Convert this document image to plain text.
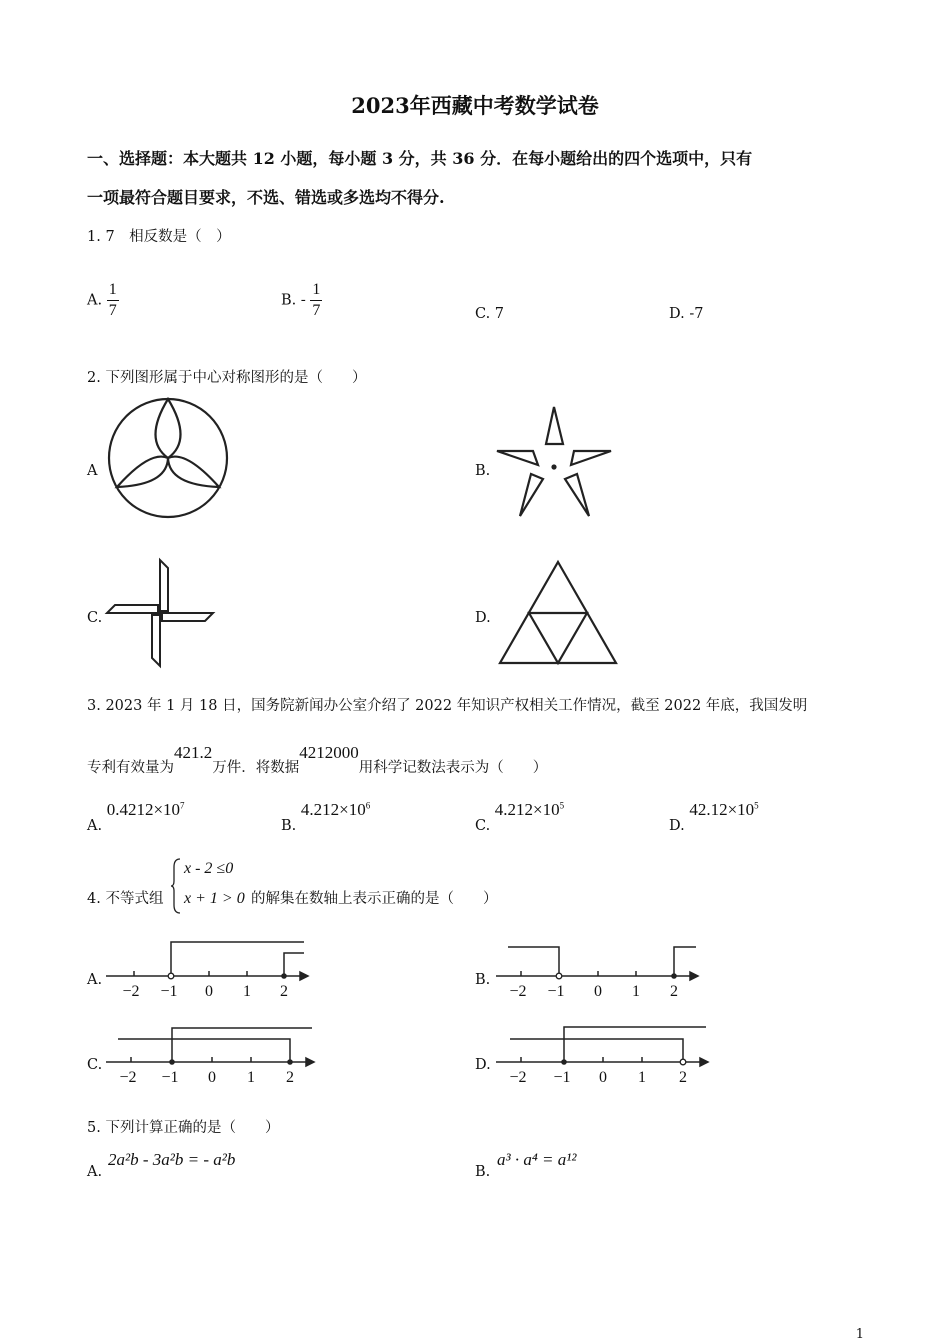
2023年西藏中考数学试卷
一、选择题：本大题共 12 小题，每小题 3 分，共 36 分．在每小题给出的四个选项中，只有
一项最符合题目要求，不选、错选或多选均不得分.
1. 7　相反数是（　）
A. $\frac{1}{7}$	B. - $\frac{1}{7}$	C. 7	D. -7
2. 下列图形属于中心对称图形的是（　　）
A	B.
C.	D.
3. 2023 年 1 月 18 日，国务院新闻办公室介绍了 2022 年知识产权相关工作情况，截至 2022 年底，我国发明
专利有效量为421.2万件．将数据4212000用科学记数法表示为（　　）
A. $0.4212\times 10^7$
B. $4.212\times 10^6$
C. $4.212\times 10^5$
D. $42.12\times 10^5$
4. 不等式组
x - 2 ≤0
x + 1 > 0 的解集在数轴上表示正确的是（　　）
A.
−2 −1 0 1 2
B.
−2 −1 0 1 2
C.
−2 −1 0 1 2
D.
−2 −1 0 1 2
5. 下列计算正确的是（　　）
A.
2a²b - 3a²b = - a²b
B.
a³ · a⁴ = a¹²
1
